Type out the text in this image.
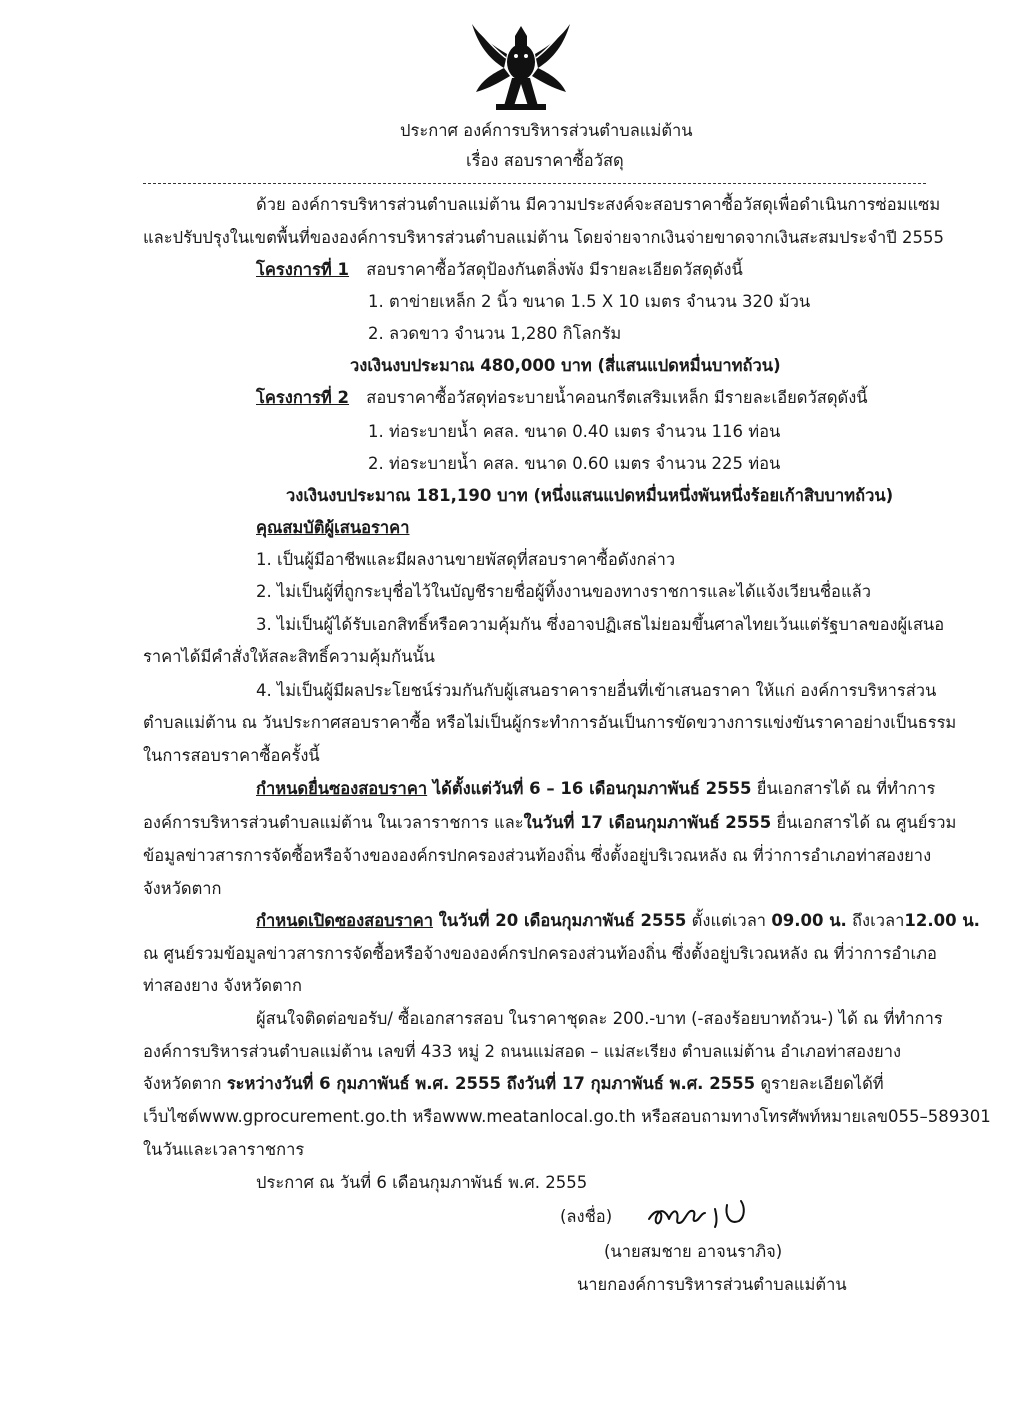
ประกาศ องค์การบริหารส่วนตำบลแม่ต้าน
เรื่อง สอบราคาซื้อวัสดุ
ด้วย องค์การบริหารส่วนตำบลแม่ต้าน มีความประสงค์จะสอบราคาซื้อวัสดุเพื่อดำเนินการซ่อมแซม
และปรับปรุงในเขตพื้นที่ขององค์การบริหารส่วนตำบลแม่ต้าน โดยจ่ายจากเงินจ่ายขาดจากเงินสะสมประจำปี 2555
โครงการที่ 1 สอบราคาซื้อวัสดุป้องกันตลิ่งพัง มีรายละเอียดวัสดุดังนี้
1. ตาข่ายเหล็ก 2 นิ้ว ขนาด 1.5 X 10 เมตร จำนวน 320 ม้วน
2. ลวดขาว จำนวน 1,280 กิโลกรัม
วงเงินงบประมาณ 480,000 บาท (สี่แสนแปดหมื่นบาทถ้วน)
โครงการที่ 2 สอบราคาซื้อวัสดุท่อระบายน้ำคอนกรีตเสริมเหล็ก มีรายละเอียดวัสดุดังนี้
1. ท่อระบายน้ำ คสล. ขนาด 0.40 เมตร จำนวน 116 ท่อน
2. ท่อระบายน้ำ คสล. ขนาด 0.60 เมตร จำนวน 225 ท่อน
วงเงินงบประมาณ 181,190 บาท (หนึ่งแสนแปดหมื่นหนึ่งพันหนึ่งร้อยเก้าสิบบาทถ้วน)
คุณสมบัติผู้เสนอราคา
1. เป็นผู้มีอาชีพและมีผลงานขายพัสดุที่สอบราคาซื้อดังกล่าว
2. ไม่เป็นผู้ที่ถูกระบุชื่อไว้ในบัญชีรายชื่อผู้ทิ้งงานของทางราชการและได้แจ้งเวียนชื่อแล้ว
3. ไม่เป็นผู้ได้รับเอกสิทธิ์หรือความคุ้มกัน ซึ่งอาจปฏิเสธไม่ยอมขึ้นศาลไทยเว้นแต่รัฐบาลของผู้เสนอ
ราคาได้มีคำสั่งให้สละสิทธิ์ความคุ้มกันนั้น
4. ไม่เป็นผู้มีผลประโยชน์ร่วมกันกับผู้เสนอราคารายอื่นที่เข้าเสนอราคา ให้แก่ องค์การบริหารส่วน
ตำบลแม่ต้าน ณ วันประกาศสอบราคาซื้อ หรือไม่เป็นผู้กระทำการอันเป็นการขัดขวางการแข่งขันราคาอย่างเป็นธรรม
ในการสอบราคาซื้อครั้งนี้
กำหนดยื่นซองสอบราคา ได้ตั้งแต่วันที่ 6 – 16 เดือนกุมภาพันธ์ 2555 ยื่นเอกสารได้ ณ ที่ทำการ
องค์การบริหารส่วนตำบลแม่ต้าน ในเวลาราชการ และในวันที่ 17 เดือนกุมภาพันธ์ 2555 ยื่นเอกสารได้ ณ ศูนย์รวม
ข้อมูลข่าวสารการจัดซื้อหรือจ้างขององค์กรปกครองส่วนท้องถิ่น ซึ่งตั้งอยู่บริเวณหลัง ณ ที่ว่าการอำเภอท่าสองยาง
จังหวัดตาก
กำหนดเปิดซองสอบราคา ในวันที่ 20 เดือนกุมภาพันธ์ 2555 ตั้งแต่เวลา 09.00 น. ถึงเวลา12.00 น.
ณ ศูนย์รวมข้อมูลข่าวสารการจัดซื้อหรือจ้างขององค์กรปกครองส่วนท้องถิ่น ซึ่งตั้งอยู่บริเวณหลัง ณ ที่ว่าการอำเภอ
ท่าสองยาง จังหวัดตาก
ผู้สนใจติดต่อขอรับ/ ซื้อเอกสารสอบ ในราคาชุดละ 200.-บาท (-สองร้อยบาทถ้วน-) ได้ ณ ที่ทำการ
องค์การบริหารส่วนตำบลแม่ต้าน เลขที่ 433 หมู่ 2 ถนนแม่สอด – แม่สะเรียง ตำบลแม่ต้าน อำเภอท่าสองยาง
จังหวัดตาก ระหว่างวันที่ 6 กุมภาพันธ์ พ.ศ. 2555 ถึงวันที่ 17 กุมภาพันธ์ พ.ศ. 2555 ดูรายละเอียดได้ที่
เว็บไซต์www.gprocurement.go.th หรือwww.meatanlocal.go.th หรือสอบถามทางโทรศัพท์หมายเลข055–589301
ในวันและเวลาราชการ
ประกาศ ณ วันที่ 6 เดือนกุมภาพันธ์ พ.ศ. 2555
(ลงชื่อ)
(นายสมชาย อาจนราภิจ)
นายกองค์การบริหารส่วนตำบลแม่ต้าน
